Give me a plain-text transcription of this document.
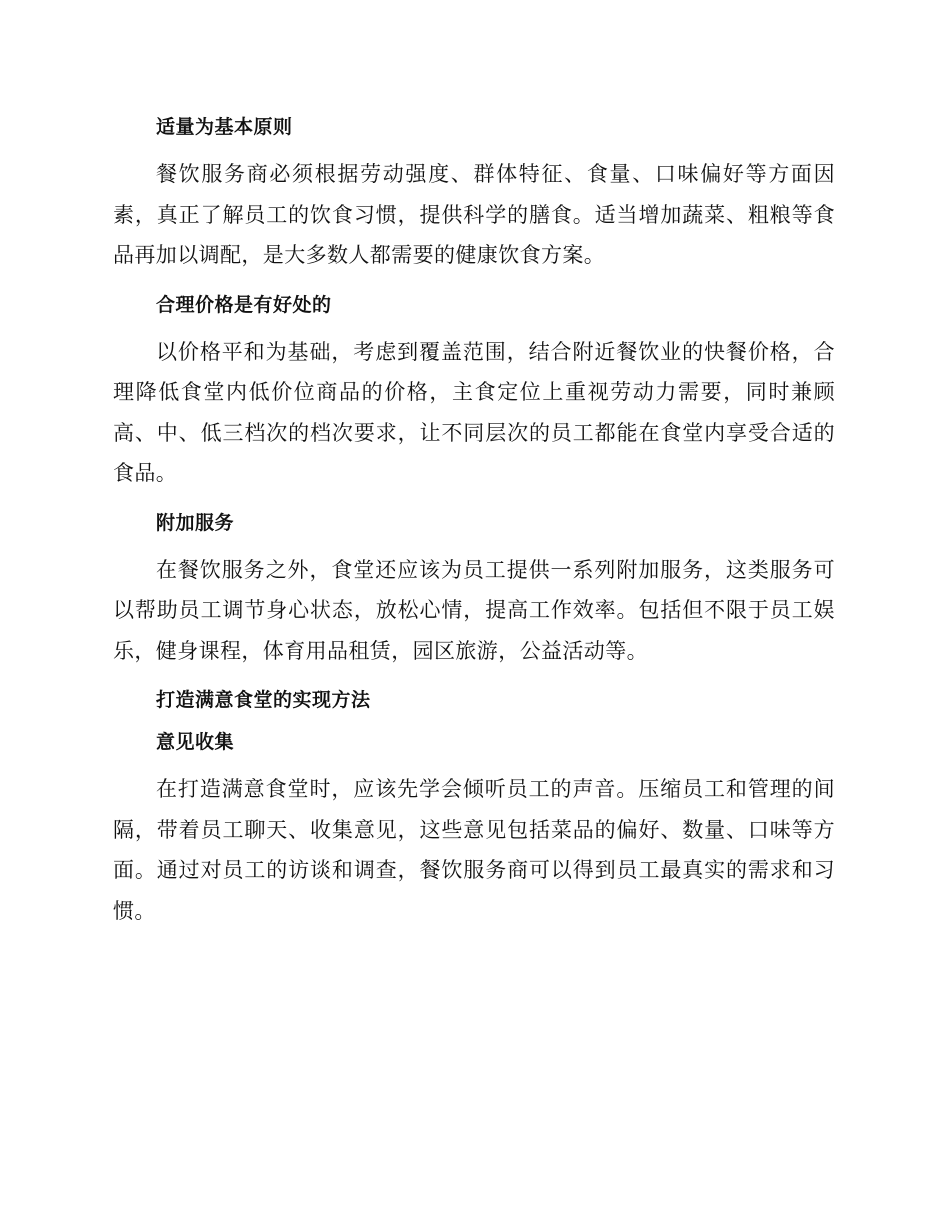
适量为基本原则

餐饮服务商必须根据劳动强度、群体特征、食量、口味偏好等方面因素，真正了解员工的饮食习惯，提供科学的膳食。适当增加蔬菜、粗粮等食品再加以调配，是大多数人都需要的健康饮食方案。

合理价格是有好处的

以价格平和为基础，考虑到覆盖范围，结合附近餐饮业的快餐价格，合理降低食堂内低价位商品的价格，主食定位上重视劳动力需要，同时兼顾高、中、低三档次的档次要求，让不同层次的员工都能在食堂内享受合适的食品。

附加服务

在餐饮服务之外，食堂还应该为员工提供一系列附加服务，这类服务可以帮助员工调节身心状态，放松心情，提高工作效率。包括但不限于员工娱乐，健身课程，体育用品租赁，园区旅游，公益活动等。

打造满意食堂的实现方法
意见收集

在打造满意食堂时，应该先学会倾听员工的声音。压缩员工和管理的间隔，带着员工聊天、收集意见，这些意见包括菜品的偏好、数量、口味等方面。通过对员工的访谈和调查，餐饮服务商可以得到员工最真实的需求和习惯。
